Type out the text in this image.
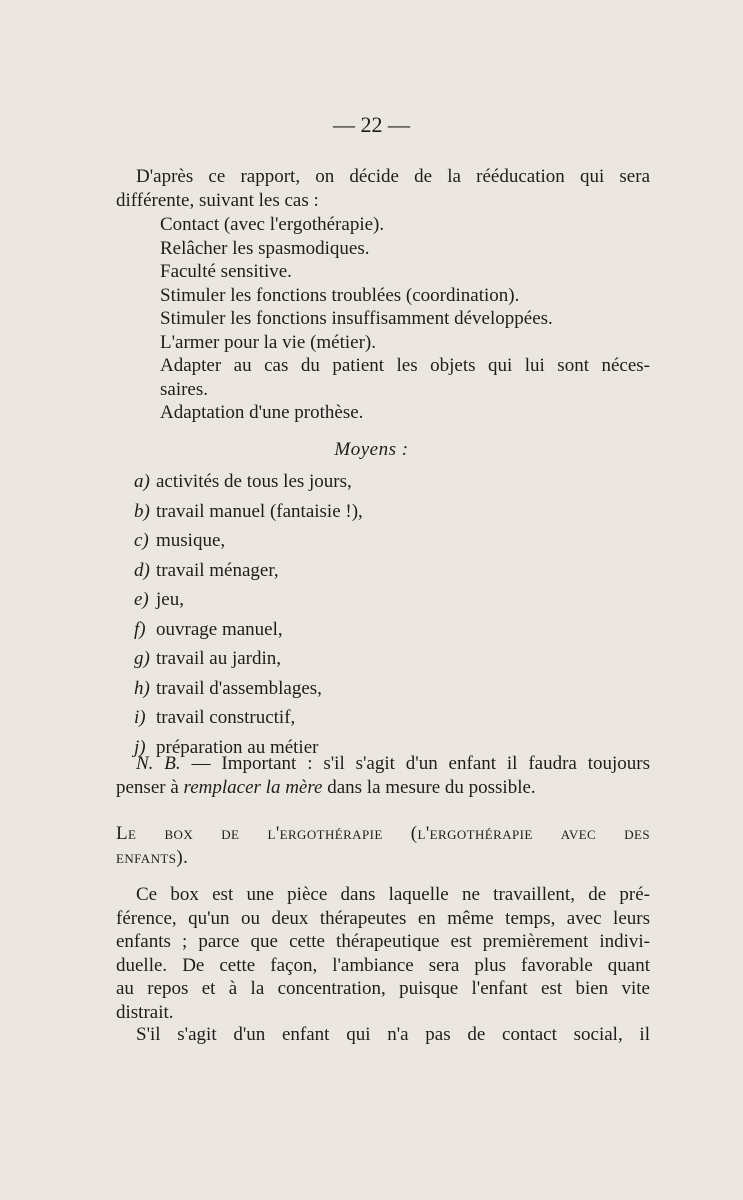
— 22 —
D'après ce rapport, on décide de la rééducation qui sera
différente, suivant les cas :
Contact (avec l'ergothérapie).
Relâcher les spasmodiques.
Faculté sensitive.
Stimuler les fonctions troublées (coordination).
Stimuler les fonctions insuffisamment développées.
L'armer pour la vie (métier).
Adapter au cas du patient les objets qui lui sont néces-
saires.
Adaptation d'une prothèse.
Moyens :
a) activités de tous les jours,
b) travail manuel (fantaisie !),
c) musique,
d) travail ménager,
e) jeu,
f) ouvrage manuel,
g) travail au jardin,
h) travail d'assemblages,
i) travail constructif,
j) préparation au métier
N. B. — Important : s'il s'agit d'un enfant il faudra toujours
penser à remplacer la mère dans la mesure du possible.
Le box de l'ergothérapie (l'ergothérapie avec des
enfants).
Ce box est une pièce dans laquelle ne travaillent, de pré-
férence, qu'un ou deux thérapeutes en même temps, avec leurs
enfants ; parce que cette thérapeutique est premièrement indivi-
duelle. De cette façon, l'ambiance sera plus favorable quant
au repos et à la concentration, puisque l'enfant est bien vite
distrait.
S'il s'agit d'un enfant qui n'a pas de contact social, il
